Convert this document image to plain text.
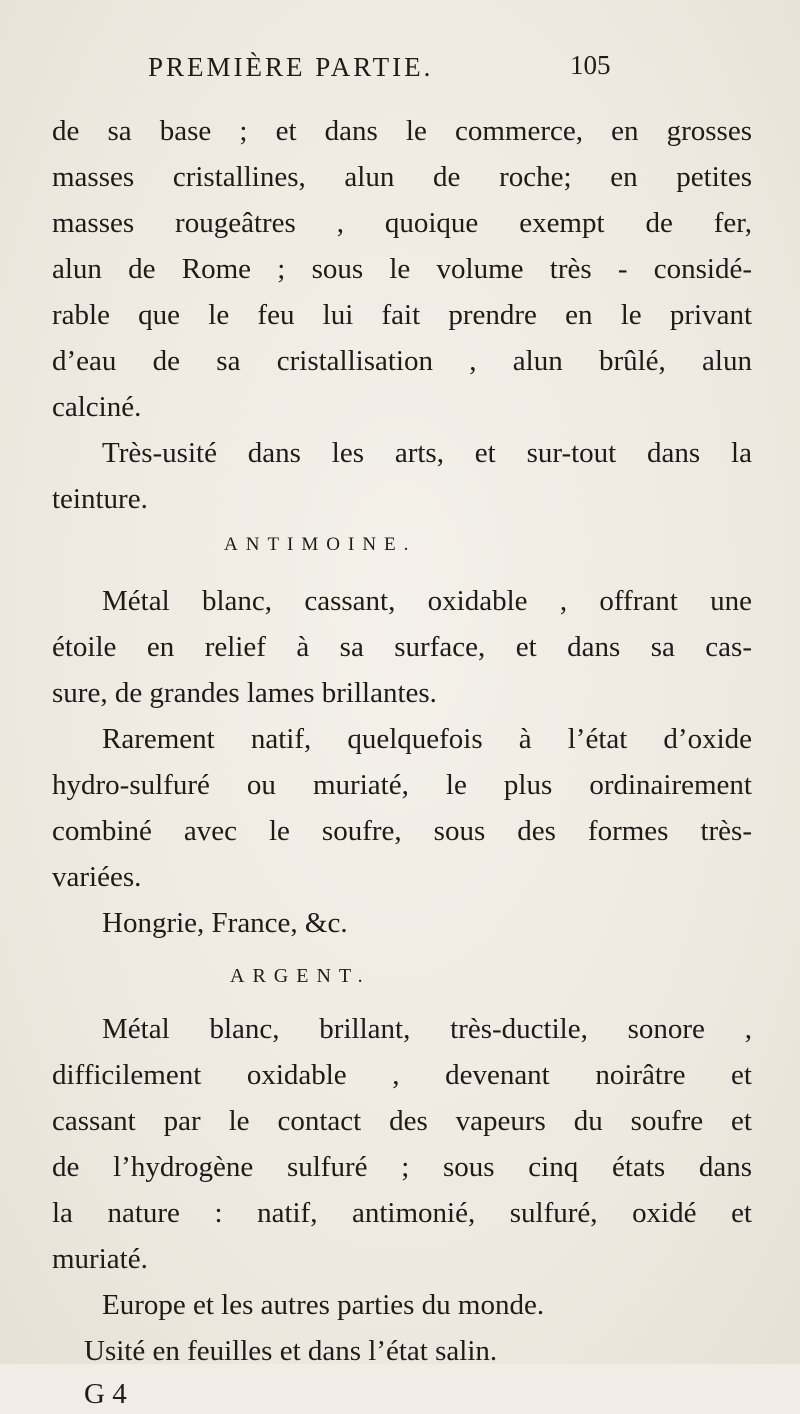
PREMIÈRE PARTIE.	105
de sa base ; et dans le commerce, en grosses
masses cristallines, alun de roche; en petites
masses rougeâtres , quoique exempt de fer,
alun de Rome ; sous le volume très - considé-
rable que le feu lui fait prendre en le privant
d’eau de sa cristallisation , alun brûlé, alun
calciné.
Très-usité dans les arts, et sur-tout dans la
teinture.
ANTIMOINE.
Métal blanc, cassant, oxidable , offrant une
étoile en relief à sa surface, et dans sa cas-
sure, de grandes lames brillantes.
Rarement natif, quelquefois à l’état d’oxide
hydro-sulfuré ou muriaté, le plus ordinairement
combiné avec le soufre, sous des formes très-
variées.
Hongrie, France, &c.
ARGENT.
Métal blanc, brillant, très-ductile, sonore ,
difficilement oxidable , devenant noirâtre et
cassant par le contact des vapeurs du soufre et
de l’hydrogène sulfuré ; sous cinq états dans
la nature : natif, antimonié, sulfuré, oxidé et
muriaté.
Europe et les autres parties du monde.
Usité en feuilles et dans l’état salin.
G 4
